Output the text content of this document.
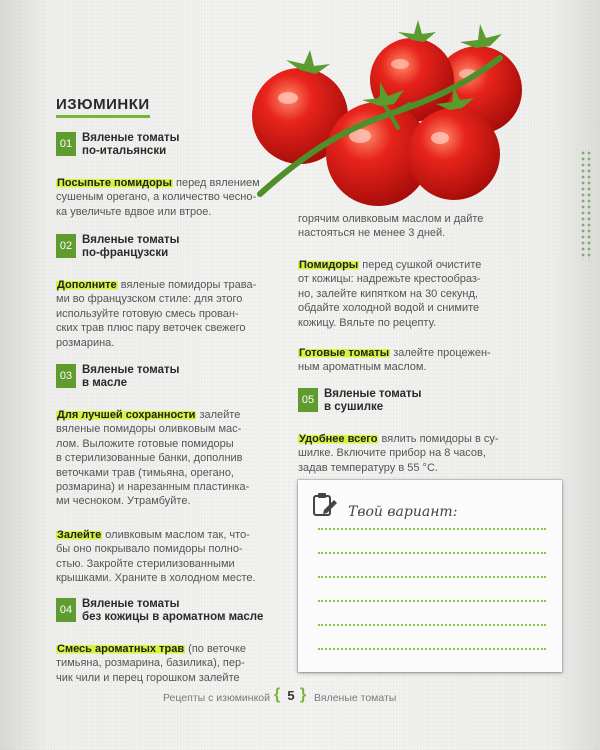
ИЗЮМИНКИ
01 Вяленые томаты
по-итальянски
Посыпьте помидоры перед вялением
сушеным орегано, а количество чесно-
ка увеличьте вдвое или втрое.
02 Вяленые томаты
по-французски
Дополните вяленые помидоры трава-
ми во французском стиле: для этого
используйте готовую смесь прован-
ских трав плюс пару веточек свежего
розмарина.
03 Вяленые томаты
в масле
Для лучшей сохранности залейте
вяленые помидоры оливковым мас-
лом. Выложите готовые помидоры
в стерилизованные банки, дополнив
веточками трав (тимьяна, орегано,
розмарина) и нарезанным пластинка-
ми чесноком. Утрамбуйте.
Залейте оливковым маслом так, что-
бы оно покрывало помидоры полно-
стью. Закройте стерилизованными
крышками. Храните в холодном месте.
04 Вяленые томаты
без кожицы в ароматном масле
Смесь ароматных трав (по веточке
тимьяна, розмарина, базилика), пер-
чик чили и перец горошком залейте
горячим оливковым маслом и дайте
настояться не менее 3 дней.
Помидоры перед сушкой очистите
от кожицы: надрежьте крестообраз-
но, залейте кипятком на 30 секунд,
обдайте холодной водой и снимите
кожицу. Вяльте по рецепту.
Готовые томаты залейте процежен-
ным ароматным маслом.
05 Вяленые томаты
в сушилке
Удобнее всего вялить помидоры в су-
шилке. Включите прибор на 8 часов,
задав температуру в 55 °С.
Твой вариант:
Рецепты с изюминкой { 5 } Вяленые томаты
